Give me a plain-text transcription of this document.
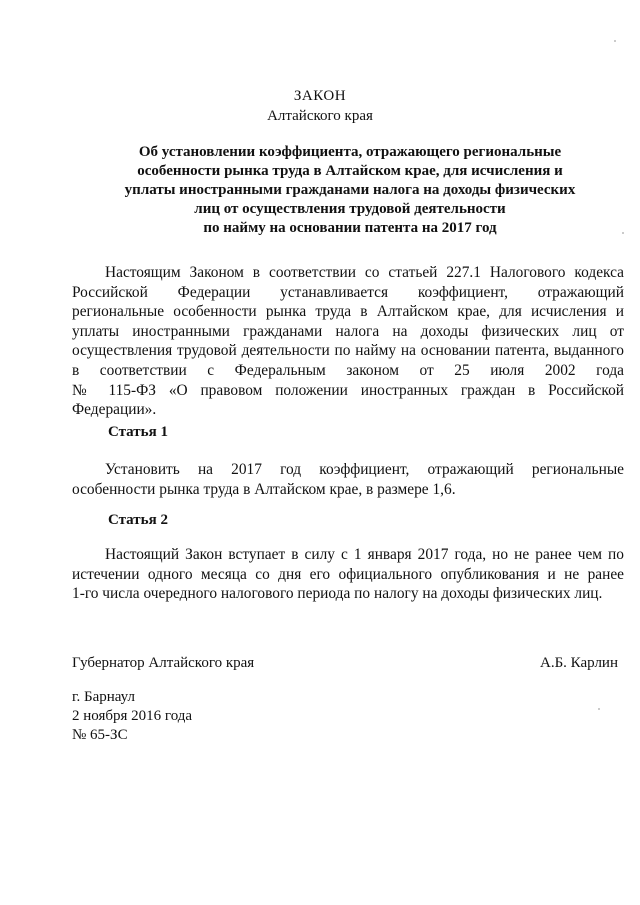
ЗАКОН
Алтайского края
Об установлении коэффициента, отражающего региональные
особенности рынка труда в Алтайском крае, для исчисления и
уплаты иностранными гражданами налога на доходы физических
лиц от осуществления трудовой деятельности
по найму на основании патента на 2017 год
Настоящим Законом в соответствии со статьей 227.1 Налогового кодекса
Российской Федерации устанавливается коэффициент, отражающий
региональные особенности рынка труда в Алтайском крае, для исчисления и
уплаты иностранными гражданами налога на доходы физических лиц от
осуществления трудовой деятельности по найму на основании патента, выданного
в соответствии с Федеральным законом от 25 июля 2002 года
№ 115-ФЗ «О правовом положении иностранных граждан в Российской
Федерации».
Статья 1
Установить на 2017 год коэффициент, отражающий региональные
особенности рынка труда в Алтайском крае, в размере 1,6.
Статья 2
Настоящий Закон вступает в силу с 1 января 2017 года, но не ранее чем по
истечении одного месяца со дня его официального опубликования и не ранее
1-го числа очередного налогового периода по налогу на доходы физических лиц.
Губернатор Алтайского края	А.Б. Карлин
г. Барнаул
2 ноября 2016 года
№ 65-ЗС
